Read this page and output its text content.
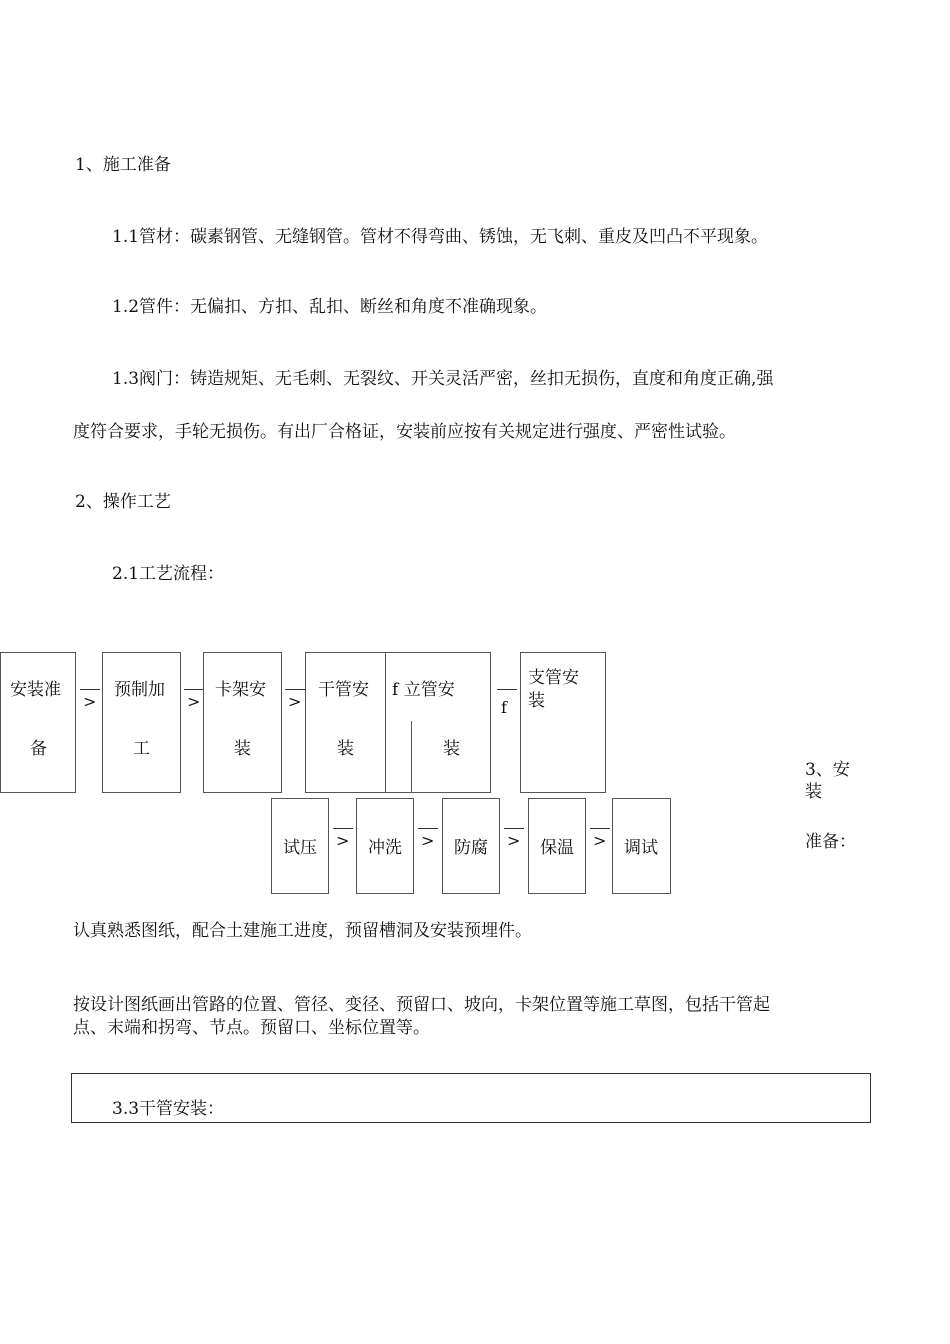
1、施工准备

1.1管材：碳素钢管、无缝钢管。管材不得弯曲、锈蚀，无飞刺、重皮及凹凸不平现象。

1.2管件：无偏扣、方扣、乱扣、断丝和角度不准确现象。

1.3阀门：铸造规矩、无毛刺、无裂纹、开关灵活严密，丝扣无损伤，直度和角度正确,强

度符合要求，手轮无损伤。有出厂合格证，安装前应按有关规定进行强度、严密性试验。

2、操作工艺

2.1工艺流程：

安装准
备
>
预制加
工
>
卡架安
装
>
干管安
装
f 立管安
装
f
支管安
装
试压 > 冲洗 > 防腐 > 保温 > 调试

3、安

装

准备：

认真熟悉图纸，配合土建施工进度，预留槽洞及安装预埋件。

按设计图纸画出管路的位置、管径、变径、预留口、坡向，卡架位置等施工草图，包括干管起

点、末端和拐弯、节点。预留口、坐标位置等。

3.3干管安装：
